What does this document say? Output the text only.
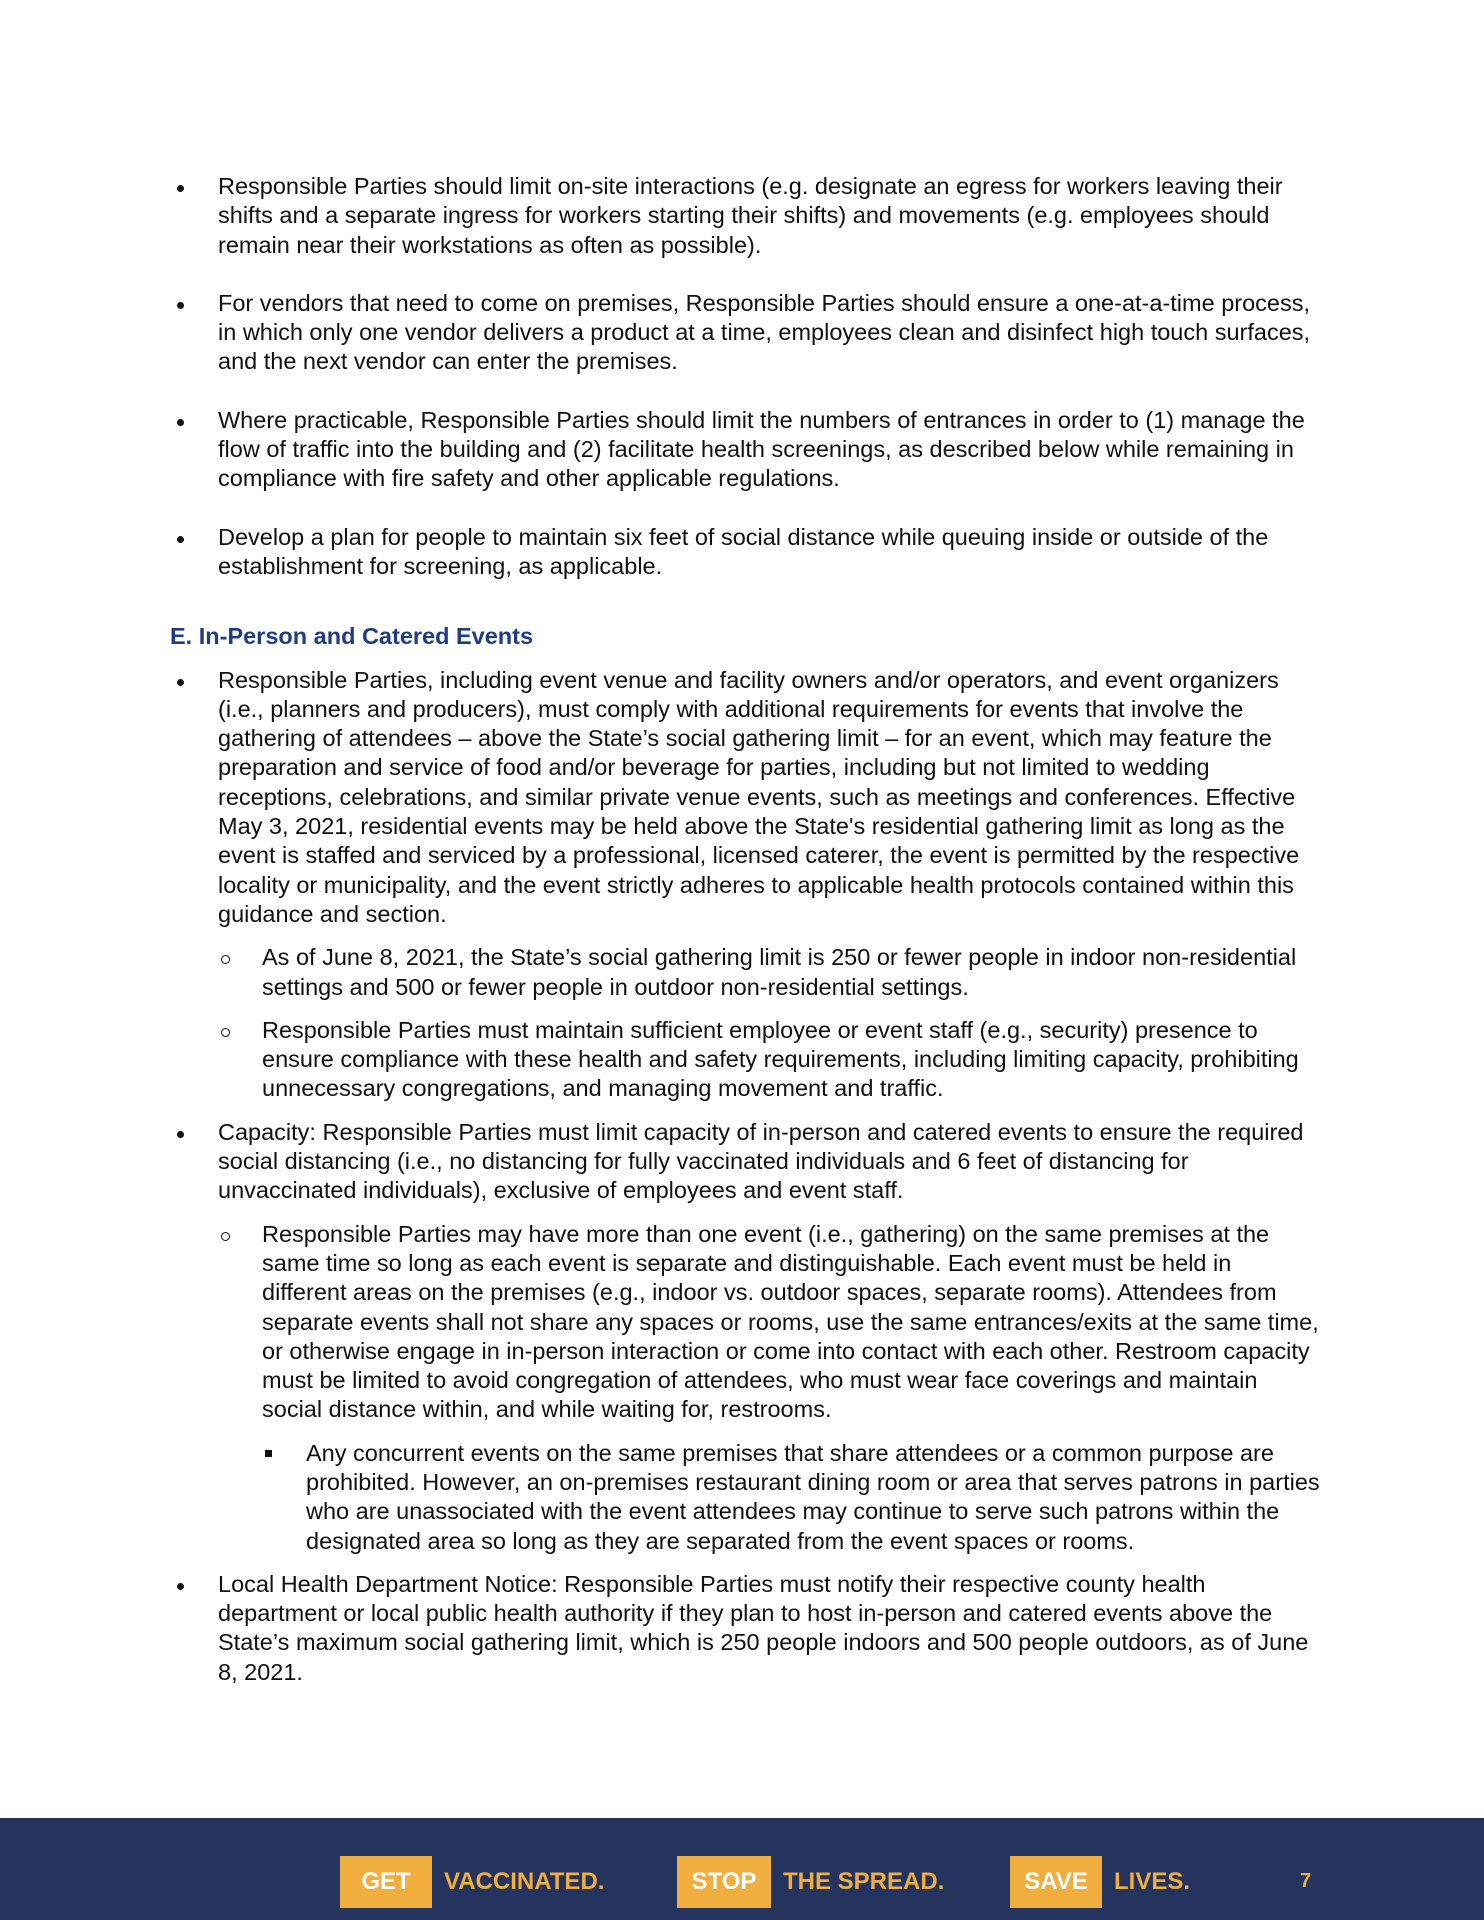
Responsible Parties should limit on-site interactions (e.g. designate an egress for workers leaving their shifts and a separate ingress for workers starting their shifts) and movements (e.g. employees should remain near their workstations as often as possible).
For vendors that need to come on premises, Responsible Parties should ensure a one-at-a-time process, in which only one vendor delivers a product at a time, employees clean and disinfect high touch surfaces, and the next vendor can enter the premises.
Where practicable, Responsible Parties should limit the numbers of entrances in order to (1) manage the flow of traffic into the building and (2) facilitate health screenings, as described below while remaining in compliance with fire safety and other applicable regulations.
Develop a plan for people to maintain six feet of social distance while queuing inside or outside of the establishment for screening, as applicable.
E. In-Person and Catered Events
Responsible Parties, including event venue and facility owners and/or operators, and event organizers (i.e., planners and producers), must comply with additional requirements for events that involve the gathering of attendees – above the State’s social gathering limit – for an event, which may feature the preparation and service of food and/or beverage for parties, including but not limited to wedding receptions, celebrations, and similar private venue events, such as meetings and conferences. Effective May 3, 2021, residential events may be held above the State's residential gathering limit as long as the event is staffed and serviced by a professional, licensed caterer, the event is permitted by the respective locality or municipality, and the event strictly adheres to applicable health protocols contained within this guidance and section.
As of June 8, 2021, the State’s social gathering limit is 250 or fewer people in indoor non-residential settings and 500 or fewer people in outdoor non-residential settings.
Responsible Parties must maintain sufficient employee or event staff (e.g., security) presence to ensure compliance with these health and safety requirements, including limiting capacity, prohibiting unnecessary congregations, and managing movement and traffic.
Capacity: Responsible Parties must limit capacity of in-person and catered events to ensure the required social distancing (i.e., no distancing for fully vaccinated individuals and 6 feet of distancing for unvaccinated individuals), exclusive of employees and event staff.
Responsible Parties may have more than one event (i.e., gathering) on the same premises at the same time so long as each event is separate and distinguishable. Each event must be held in different areas on the premises (e.g., indoor vs. outdoor spaces, separate rooms). Attendees from separate events shall not share any spaces or rooms, use the same entrances/exits at the same time, or otherwise engage in in-person interaction or come into contact with each other. Restroom capacity must be limited to avoid congregation of attendees, who must wear face coverings and maintain social distance within, and while waiting for, restrooms.
Any concurrent events on the same premises that share attendees or a common purpose are prohibited. However, an on-premises restaurant dining room or area that serves patrons in parties who are unassociated with the event attendees may continue to serve such patrons within the designated area so long as they are separated from the event spaces or rooms.
Local Health Department Notice: Responsible Parties must notify their respective county health department or local public health authority if they plan to host in-person and catered events above the State’s maximum social gathering limit, which is 250 people indoors and 500 people outdoors, as of June 8, 2021.
GET	VACCINATED.	STOP	THE SPREAD.	SAVE	LIVES.	7
